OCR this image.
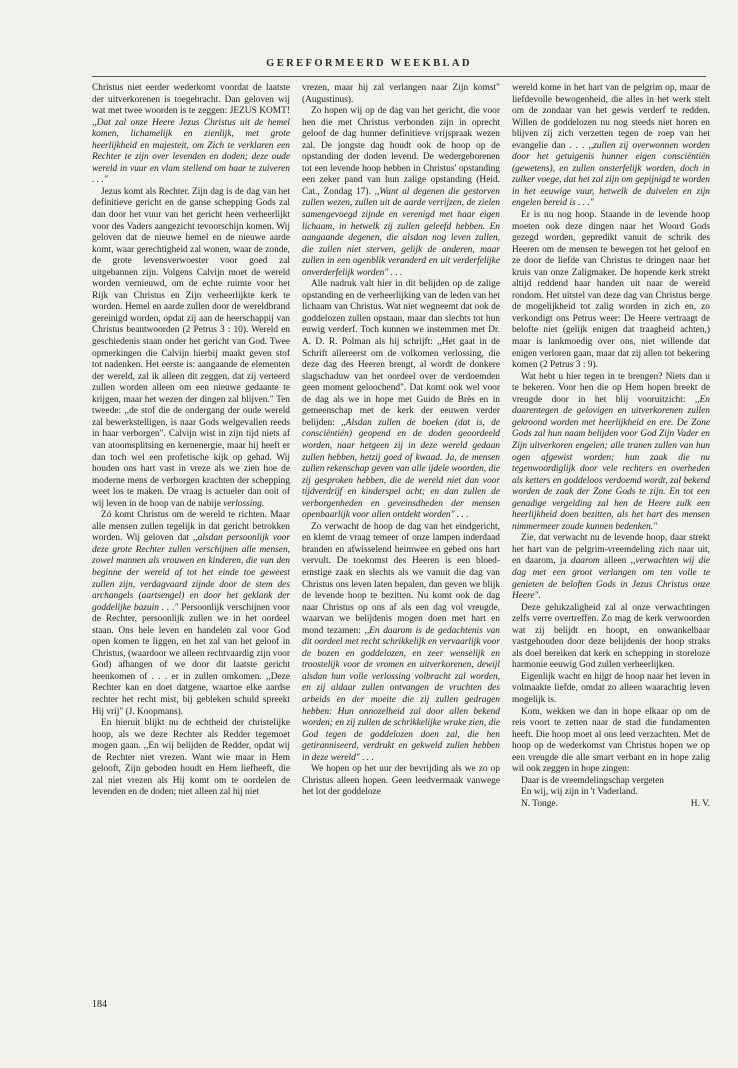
GEREFORMEERD WEEKBLAD

Christus niet eerder wederkomt voordat de laatste der uitverkorenen is toegebracht. Dan geloven wij wat met twee woorden is te zeggen: JEZUS KOMT! ,,Dat zal onze Heere Jezus Christus uit de hemel komen, lichamelijk en zienlijk, met grote heerlijkheid en majesteit, om Zich te verklaren een Rechter te zijn over levenden en doden; deze oude wereld in vuur en vlam stellend om haar te zuiveren . . ."

Jezus komt als Rechter. Zijn dag is de dag van het definitieve gericht en de ganse schepping Gods zal dan door het vuur van het gericht heen verheerlijkt voor des Vaders aangezicht tevoorschijn komen. Wij geloven dat de nieuwe hemel en de nieuwe aarde komt, waar gerechtigheid zal wonen, waar de zonde, de grote levensverwoester voor goed zal uitgebannen zijn. Volgens Calvijn moet de wereld worden vernieuwd, om de echte ruimte voor het Rijk van Christus en Zijn verheerlijkte kerk te worden. Hemel en aarde zullen door de wereldbrand gereinigd worden, opdat zij aan de heerschappij van Christus beantwoorden (2 Petrus 3 : 10). Wereld en geschiedenis staan onder het gericht van God. Twee opmerkingen die Calvijn hierbij maakt geven stof tot nadenken. Het eerste is: aangaande de elementen der wereld, zal ik alleen dit zeggen, dat zij verteerd zullen worden alleen om een nieuwe gedaante te krijgen, maar het wezen der dingen zal blijven." Ten tweede: ,,de stof die de ondergang der oude wereld zal bewerkstelligen, is naar Gods welgevallen reeds in haar verborgen". Calvijn wist in zijn tijd niets af van atoomsplitsing en kernenergie, maar hij heeft er dan toch wel een profetische kijk op gehad. Wij houden ons hart vast in vreze als we zien hoe de moderne mens de verborgen krachten der schepping weet los te maken. De vraag is actueler dan ooit of wij leven in de hoop van de nabije verlossing.

Zó komt Christus om de wereld te richten. Maar alle mensen zullen tegelijk in dat gericht betrokken worden. Wij geloven dat ,,alsdan persoonlijk voor deze grote Rechter zullen verschijnen alle mensen, zowel mannen als vrouwen en kinderen, die van den beginne der wereld af tot het einde toe geweest zullen zijn, verdagvaard zijnde door de stem des archangels (aartsengel) en door het geklank der goddelijke bazuin . . ." Persoonlijk verschijnen voor de Rechter, persoonlijk zullen we in het oordeel staan. Ons hele leven en handelen zal voor God open komen te liggen, en het zal van het geloof in Christus, (waardoor we alleen rechtvaardig zijn voor God) afhangen of we door dit laatste gericht heenkomen of . . . er in zullen omkomen. ,,Deze Rechter kan en doet datgene, waartoe elke aardse rechter het recht mist, bij gebleken schuld spreekt Hij vrij" (J. Koopmans).

En hieruit blijkt nu de echtheid der christelijke hoop, als we deze Rechter als Redder tegemoet mogen gaan. ,,En wij belijden de Redder, opdat wij de Rechter niet vrezen. Want wie maar in Hem gelooft, Zijn geboden houdt en Hem liefheeft, die zal niet vrezen als Hij komt om te oordelen de levenden en de doden; niet alleen zal hij niet

vrezen, maar hij zal verlangen naar Zijn komst" (Augustinus).

Zo hopen wij op de dag van het gericht, die voor hen die met Christus verbonden zijn in oprecht geloof de dag hunner definitieve vrijspraak wezen zal. De jongste dag houdt ook de hoop op de opstanding der doden levend. De wedergeborenen tot een levende hoop hebben in Christus' opstanding een zeker pand van hun zalige opstanding (Heid. Cat., Zondag 17). ,,Want al degenen die gestorven zullen wezen, zullen uit de aarde verrijzen, de zielen samengevoegd zijnde en verenigd met haar eigen lichaam, in hetwelk zij zullen geleefd hebben. En aangaande degenen, die alsdan nog leven zullen, die zullen niet sterven, gelijk de anderen, maar zullen in een ogenblik veranderd en uit verderfelijke onverderfelijk worden" . . .

Alle nadruk valt hier in dit belijden op de zalige opstanding en de verheerlijking van de leden van het lichaam van Christus. Wat niet wegneemt dat ook de goddelozen zullen opstaan, maar dan slechts tot hun euwig verderf. Toch kunnen we instemmen met Dr. A. D. R. Polman als hij schrijft: ,,Het gaat in de Schrift allereerst om de volkomen verlossing, die deze dag des Heeren brengt, al wordt de donkere slagschaduw van het oordeel over de verdoemden geen moment geloochend". Dat komt ook wel voor de dag als we in hope met Guido de Brès en in gemeenschap met de kerk der eeuwen verder belijden: ,,Alsdan zullen de boeken (dat is, de consciëntiën) geopend en de doden geoordeeld worden, naar hetgeen zij in deze wereld gedaan zullen hebben, hetzij goed of kwaad. Ja, de mensen zullen rekenschap geven van alle ijdele woorden, die zij gesproken hebben, die de wereld niet dan voor tijdverdrijf en kinderspel acht; en dan zullen de verborgenheden en geveinsdheden der mensen openbaarlijk voor allen ontdekt worden" . . .

Zo verwacht de hoop de dag van het eindgericht, en klemt de vraag temeer of onze lampen inderdaad branden en afwisselend heimwee en gebed ons hart vervult. De toekomst des Heeren is een bloed-ernstige zaak en slechts als we vanuit die dag van Christus ons leven laten bepalen, dan geven we blijk de levende hoop te bezitten. Nu komt ook de dag naar Christus op ons af als een dag vol vreugde, waarvan we belijdenis mogen doen met hart en mond tezamen: ,,En daarom is de gedachtenis van dit oordeel met recht schrikkelijk en vervaarlijk voor de bozen en goddelozen, en zeer wenselijk en troostelijk voor de vromen en uitverkorenen, dewijl alsdan hun volle verlossing volbracht zal worden, en zij aldaar zullen ontvangen de vruchten des arbeids en der moeite die zij zullen gedragen hebben: Hun onnozelheid zal door allen bekend worden; en zij zullen de schrikkelijke wrake zien, die God tegen de goddelozen doen zal, die hen getiranniseerd, verdrukt en gekweld zullen hebben in deze wereld" . . .

We hopen op het uur der bevrijding als we zo op Christus alleen hopen. Geen leedvermaak vanwege het lot der goddeloze

wereld kome in het hart van de pelgrim op, maar de liefdevolle bewogenheid, die alles in het werk stelt om de zondaar van het gewis verderf te redden. Willen de goddelozen nu nog steeds niet horen en blijven zij zich verzetten tegen de roep van het evangelie dan . . . ,,zullen zij overwonnen worden door het getuigenis hunner eigen consciëntiën (gewetens), en zullen onsterfelijk worden, doch in zulker voege, dat het zal zijn om gepijnigd te worden in het eeuwige vuur, hetwelk de duivelen en zijn engelen bereid is . . ."

Er is nu nog hoop. Staande in de levende hoop moeten ook deze dingen naar het Woord Gods gezegd worden, gepredikt vanuit de schrik des Heeren om de mensen te bewegen tot het geloof en ze door de liefde van Christus te dringen naar het kruis van onze Zaligmaker. De hopende kerk strekt altijd reddend haar handen uit naar de wereld rondom. Het uitstel van deze dag van Christus berge de mogelijkheid tot zalig worden in zich en, zo verkondigt ons Petrus weer: De Heere vertraagt de belofte niet (gelijk enigen dat traagheid achten,) maar is lankmoedig over ons, niet willende dat enigen verloren gaan, maar dat zij allen tot bekering komen (2 Petrus 3 : 9).

Wat hebt u hier tegen in te brengen? Niets dan u te bekeren. Voor hen die op Hem hopen breekt de vreugde door in het blij vooruitzicht: ,,En daarentegen de gelovigen en uitverkorenen zullen gekroond worden met heerlijkheid en ere. De Zone Gods zal hun naam belijden voor God Zijn Vader en Zijn uitverkoren engelen; alle tranen zullen van hun ogen afgewist worden; hun zaak die nu tegenwoordiglijk door vele rechters en overheden als ketters en goddeloos verdoemd wordt, zal bekend worden de zaak der Zone Gods te zijn. En tot een genadige vergelding zal hen de Heere zulk een heerlijkheid doen bezitten, als het hart des mensen nimmermeer zoude kunnen bedenken."

Zie, dat verwacht nu de levende hoop, daar strekt het hart van de pelgrim-vreemdeling zich naar uit, en daarom, ja daarom alleen ,,verwachten wij die dag met een groot verlangen om ten volle te genieten de beloften Gods in Jezus Christus onze Heere".

Deze gelukzaligheid zal al onze verwachtingen zelfs verre overtreffen. Zo mag de kerk verwoorden wat zij belijdt en hoopt, en onwankelbaar vastgehouden door deze belijdenis der hoop straks als doel bereiken dat kerk en schepping in storeloze harmonie eeuwig God zullen verheerlijken.

Eigenlijk wacht en hijgt de hoop naar het leven in volmaakte liefde, omdat zo alleen waarachtig leven mogelijk is.

Kom, wekken we dan in hope elkaar op om de reis voort te zetten naar de stad die fundamenten heeft. Die hoop moet al ons leed verzachten. Met de hoop op de wederkomst van Christus hopen we op een vreugde die alle smart verbant en in hope zalig wil ook zeggen in hope zingen:

Daar is de vreemdelingschap vergeten

En wij, wij zijn in 't Vaderland.

N. Tonge.	H. V.

184
